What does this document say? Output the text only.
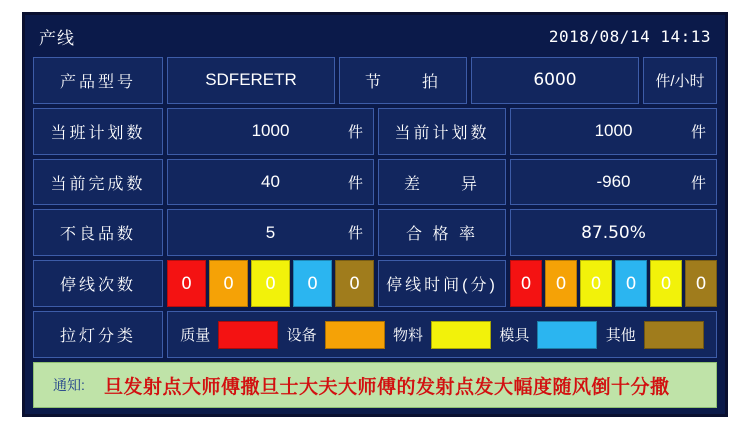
产线	2018/08/14 14:13
产品型号	SDFERETR	节　　拍	6000	件/小时
当班计划数	1000	件	当前计划数	1000	件
当前完成数	40	件	差　　异	-960	件
不良品数	5	件	合 格 率	87.50%
停线次数	0	0	0	0	0	停线时间(分)	0	0	0	0	0	0
拉灯分类	质量	设备	物料	模具	其他
通知:	旦发射点大师傅撒旦士大夫大师傅的发射点发大幅度随风倒十分撒
